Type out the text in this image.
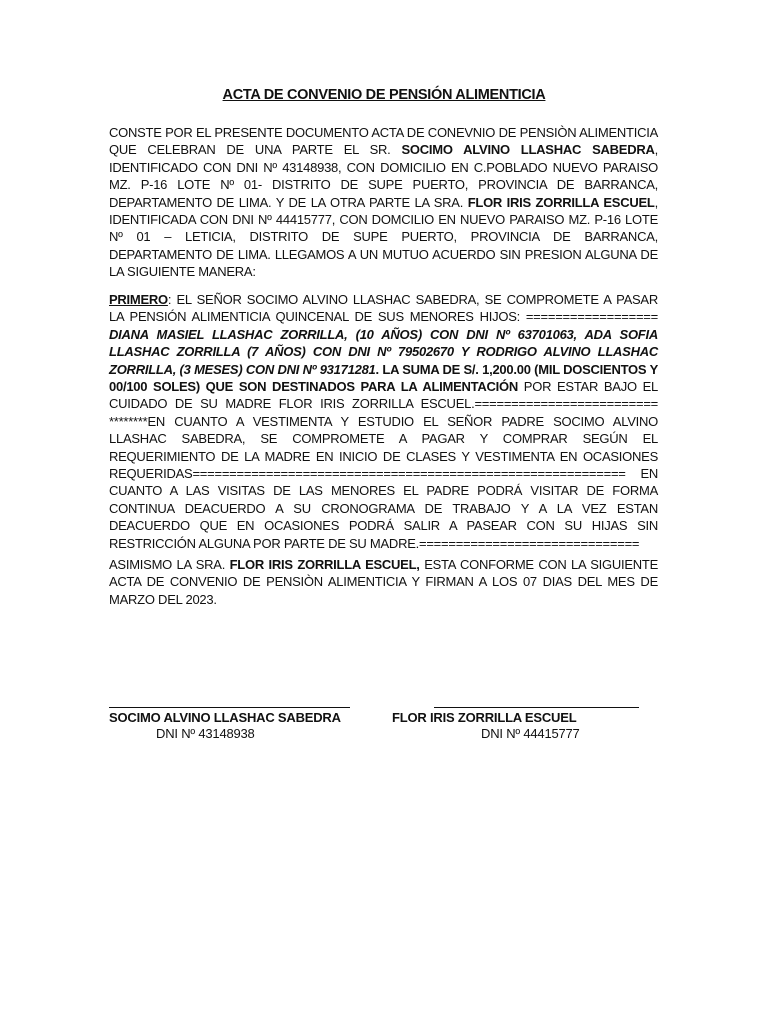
ACTA DE CONVENIO DE PENSIÓN ALIMENTICIA
CONSTE POR EL PRESENTE DOCUMENTO ACTA DE CONEVNIO DE PENSIÒN ALIMENTICIA QUE CELEBRAN DE UNA PARTE EL SR. SOCIMO ALVINO LLASHAC SABEDRA, IDENTIFICADO CON DNI Nº 43148938, CON DOMICILIO EN C.POBLADO NUEVO PARAISO MZ. P-16 LOTE Nº 01- DISTRITO DE SUPE PUERTO, PROVINCIA DE BARRANCA, DEPARTAMENTO DE LIMA. Y DE LA OTRA PARTE LA SRA. FLOR IRIS ZORRILLA ESCUEL, IDENTIFICADA CON DNI Nº 44415777, CON DOMCILIO EN NUEVO PARAISO MZ. P-16 LOTE Nº 01 – LETICIA, DISTRITO DE SUPE PUERTO, PROVINCIA DE BARRANCA, DEPARTAMENTO DE LIMA. LLEGAMOS A UN MUTUO ACUERDO SIN PRESION ALGUNA DE LA SIGUIENTE MANERA:
PRIMERO: EL SEÑOR SOCIMO ALVINO LLASHAC SABEDRA, SE COMPROMETE A PASAR LA PENSIÓN ALIMENTICIA QUINCENAL DE SUS MENORES HIJOS: ================== DIANA MASIEL LLASHAC ZORRILLA, (10 AÑOS) CON DNI Nº 63701063, ADA SOFIA LLASHAC ZORRILLA (7 AÑOS) CON DNI Nº 79502670 Y RODRIGO ALVINO LLASHAC ZORRILLA, (3 MESES) CON DNI Nº 93171281. LA SUMA DE S/. 1,200.00 (MIL DOSCIENTOS Y 00/100 SOLES) QUE SON DESTINADOS PARA LA ALIMENTACIÓN POR ESTAR BAJO EL CUIDADO DE SU MADRE FLOR IRIS ZORRILLA ESCUEL.========================= ********EN CUANTO A VESTIMENTA Y ESTUDIO EL SEÑOR PADRE SOCIMO ALVINO LLASHAC SABEDRA, SE COMPROMETE A PAGAR Y COMPRAR SEGÚN EL REQUERIMIENTO DE LA MADRE EN INICIO DE CLASES Y VESTIMENTA EN OCASIONES REQUERIDAS=========================================================== EN CUANTO A LAS VISITAS DE LAS MENORES EL PADRE PODRÁ VISITAR DE FORMA CONTINUA DEACUERDO A SU CRONOGRAMA DE TRABAJO Y A LA VEZ ESTAN DEACUERDO QUE EN OCASIONES PODRÁ SALIR A PASEAR CON SU HIJAS SIN RESTRICCIÓN ALGUNA POR PARTE DE SU MADRE.==============================
ASIMISMO LA SRA. FLOR IRIS ZORRILLA ESCUEL, ESTA CONFORME CON LA SIGUIENTE ACTA DE CONVENIO DE PENSIÒN ALIMENTICIA Y FIRMAN A LOS 07 DIAS DEL MES DE MARZO DEL 2023.
SOCIMO ALVINO LLASHAC SABEDRA	FLOR IRIS ZORRILLA ESCUEL
DNI Nº 43148938	DNI Nº 44415777
